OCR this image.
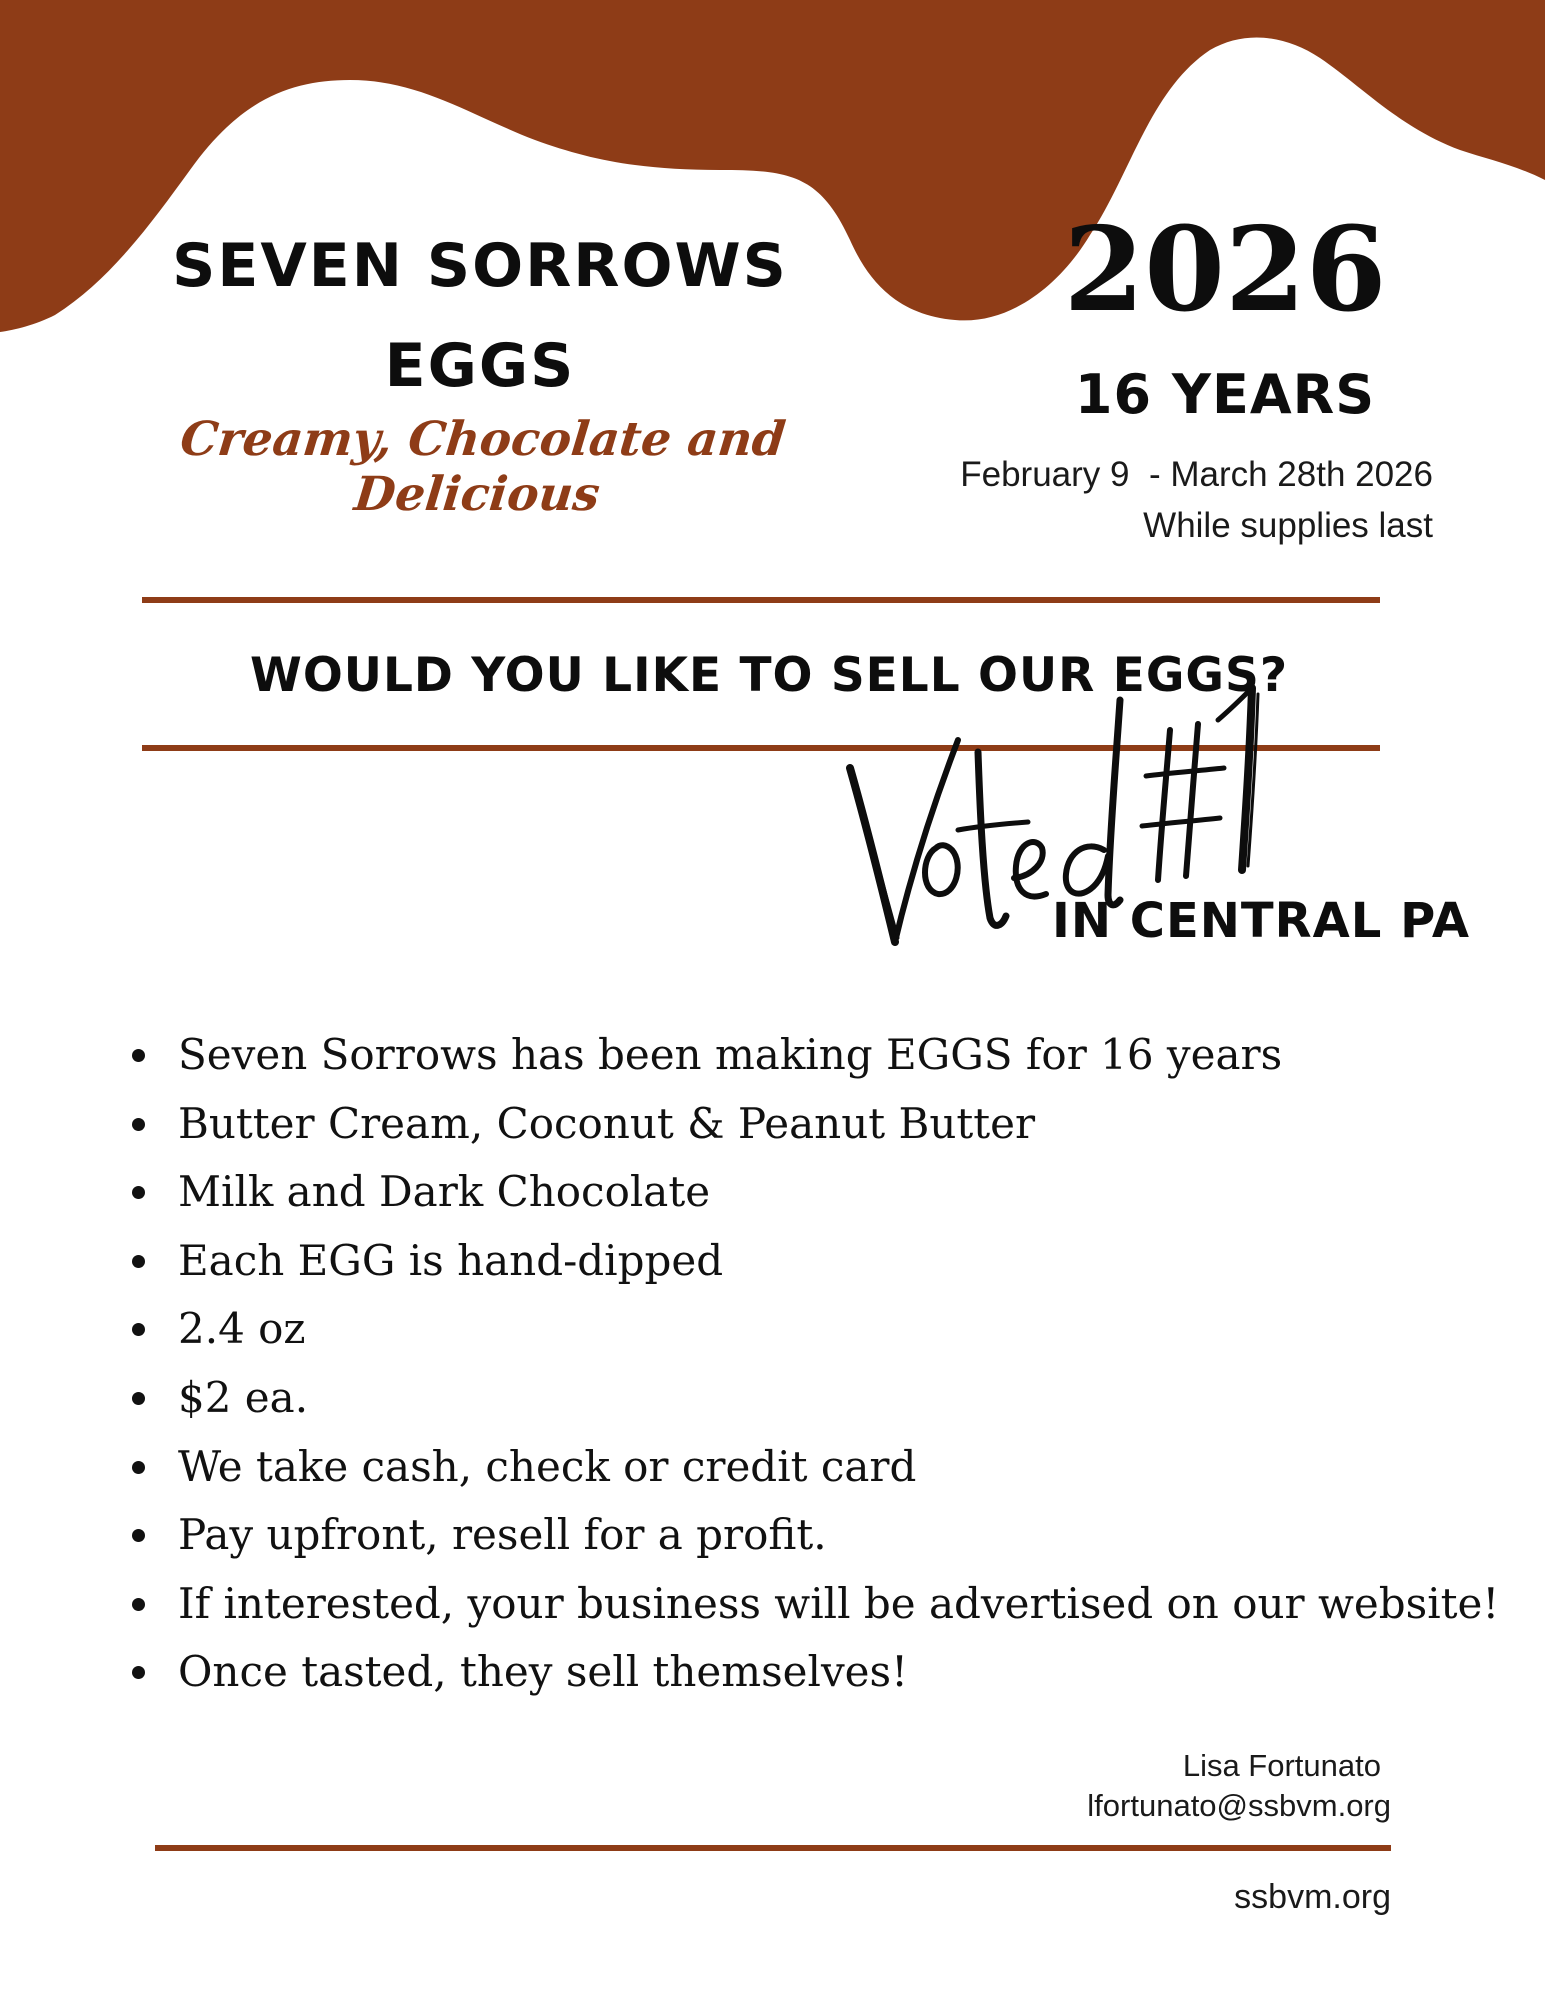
SEVEN SORROWS
EGGS

Creamy, Chocolate and Delicious

2026
16 YEARS

February 9  - March 28th 2026

While supplies last

WOULD YOU LIKE TO SELL OUR EGGS?
IN CENTRAL PA
Seven Sorrows has been making EGGS for 16 years
Butter Cream, Coconut & Peanut Butter
Milk and Dark Chocolate
Each EGG is hand-dipped
2.4 oz
$2 ea.
We take cash, check or credit card
Pay upfront, resell for a profit.
If interested, your business will be advertised on our website!
Once tasted, they sell themselves!

Lisa Fortunato

lfortunato@ssbvm.org

ssbvm.org
